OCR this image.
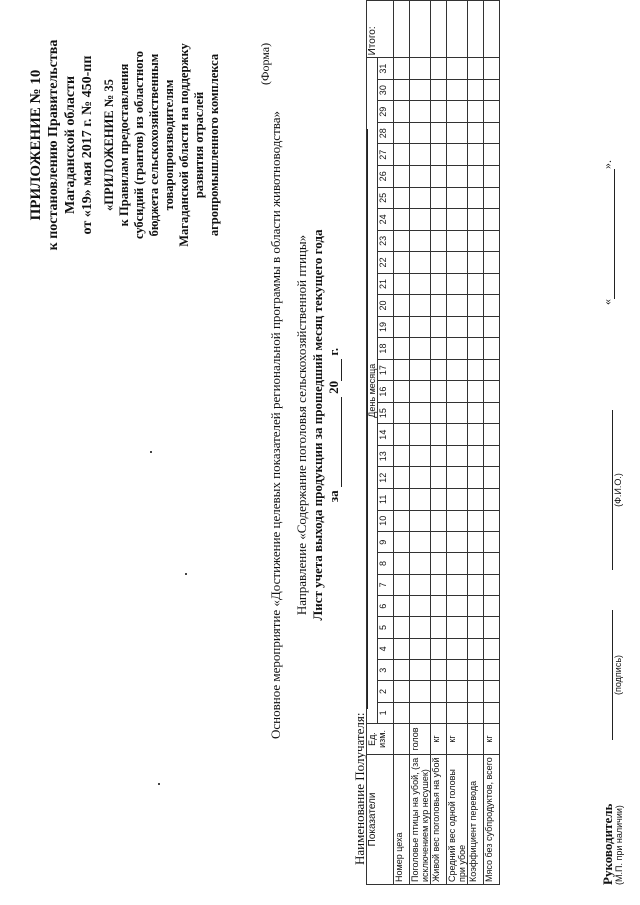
ПРИЛОЖЕНИЕ № 10 к постановлению Правительства Магаданской области от «19» мая 2017 г. № 450-пп «ПРИЛОЖЕНИЕ № 35 к Правилам предоставления субсидий (грантов) из областного бюджета сельскохозяйственным товаропроизводителям Магаданской области на поддержку развития отраслей агропромышленного комплекса	(Форма)
Основное мероприятие «Достижение целевых показателей региональной программы в области животноводства» Направление «Содержание поголовья сельскохозяйственной птицы» Лист учета выхода продукции за прошедший месяц текущего года за  20 г.
Наименование Получателя: Показатели	Ед. изм.	День месяца																															Итого:
		1	2	3	4	5	6	7	8	9	10	11	12	13	14	15	16	17	18	19	20	21	22	23	24	25	26	27	28	29	30	31	
Номер цеха																																	
Поголовье птицы на убой, (за исключением кур несушек)	голов																																
Живой вес поголовья на убой	кг																																
Средний вес одной головы при убое	кг																																
Коэффициент перевода																																	
Мясо без субпродуктов, всего	кг																																
Руководитель (М.П. при наличии)
(подпись)
(Ф.И.О.)
«».
